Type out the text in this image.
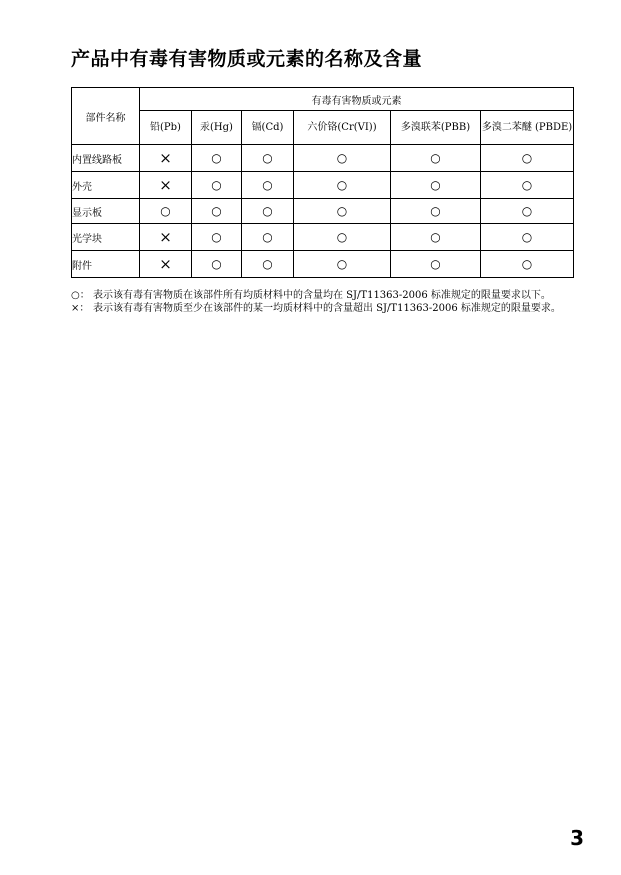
产品中有毒有害物质或元素的名称及含量
部件名称	有毒有害物质或元素					
	铅(Pb)	汞(Hg)	镉(Cd)	六价铬(Cr(VI))	多溴联苯(PBB)	多溴二苯醚 (PBDE)
内置线路板	×	○	○	○	○	○
外壳	×	○	○	○	○	○
显示板	○	○	○	○	○	○
光学块	×	○	○	○	○	○
附件	×	○	○	○	○	○
○： 表示该有毒有害物质在该部件所有均质材料中的含量均在 SJ/T11363-2006 标准规定的限量要求以下。
×： 表示该有毒有害物质至少在该部件的某一均质材料中的含量超出 SJ/T11363-2006 标准规定的限量要求。
3
